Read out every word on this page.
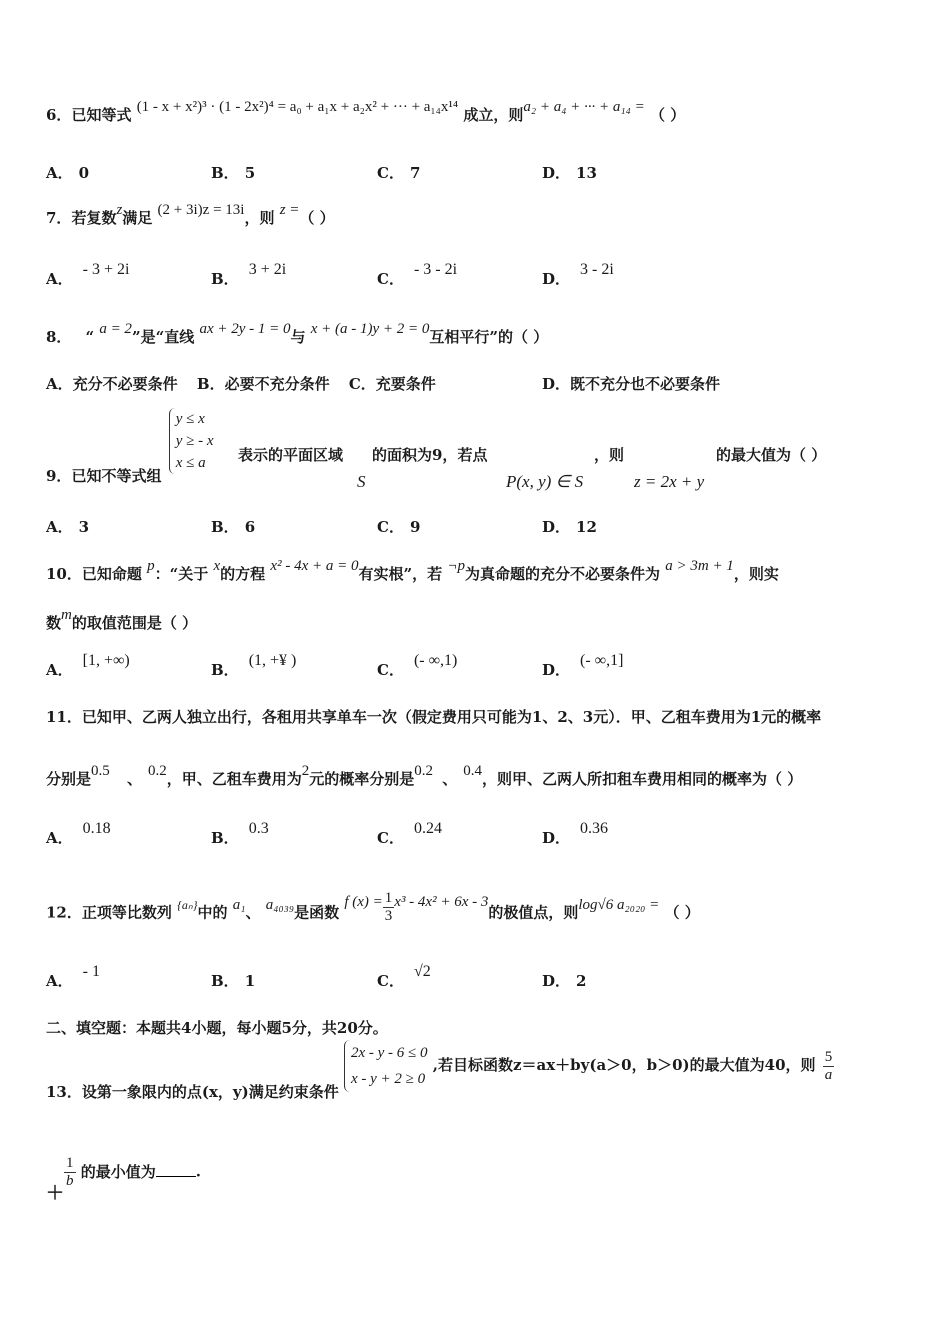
6．已知等式 (1 - x + x²)³ · (1 - 2x²)⁴ = a₀ + a₁x + a₂x² + ··· + a₁₄x¹⁴ 成立，则a₂ + a₄ + ··· + a₁₄ = （ ）
A． 0	B． 5	C． 7	D． 13
7．若复数z满足 (2 + 3i)z = 13i，则 z =（ ）
A．- 3 + 2i
B．3 + 2i
C．- 3 - 2i
D．3 - 2i
8． “ a = 2”是“直线 ax + 2y - 1 = 0与 x + (a - 1)y + 2 = 0互相平行”的（ ）
A．充分不必要条件 B．必要不充分条件 C．充要条件	D．既不充分也不必要条件
9．已知不等式组
y ≤ x
y ≥ - x
x ≤ a	表示的平面区域 的面积为9，若点	，则	的最大值为（ ）
S	P(x, y) ∈ S	z = 2x + y
A． 3	B． 6	C． 9	D． 12
10．已知命题 p：“关于 x的方程 x² - 4x + a = 0有实根”，若 ¬p为真命题的充分不必要条件为 a > 3m + 1，则实
数m的取值范围是（ ）
A．[1, +∞)
B．(1, +¥ )
C．(- ∞,1)
D．(- ∞,1]
11．已知甲、乙两人独立出行，各租用共享单车一次（假定费用只可能为1、2、3元）．甲、乙租车费用为1元的概率
分别是0.5 、 0.2，甲、乙租车费用为2元的概率分别是0.2 、 0.4，则甲、乙两人所扣租车费用相同的概率为（ ）
A．0.18
B．0.3
C．0.24
D．0.36
12．正项等比数列 $^{\{a_n\}}$中的 a₁、 a₄₀₃₉是函数 f $(x) = \frac{1}{3} x^3 - 4x^2 + 6x - 3$的极值点，则log√6 a₂₀₂₀ = （ ）
A．- 1
B． 1	C．√2
D． 2
二、填空题：本题共4小题，每小题5分，共20分。
13．设第一象限内的点(x，y)满足约束条件
2x - y - 6 ≤ 0
x - y + 2 ≥ 0
,若目标函数z＝ax＋by(a＞0，b＞0)的最大值为40，则 $\frac{5}{a}$
＋
$\frac{1}{b}$ 的最小值为	.
